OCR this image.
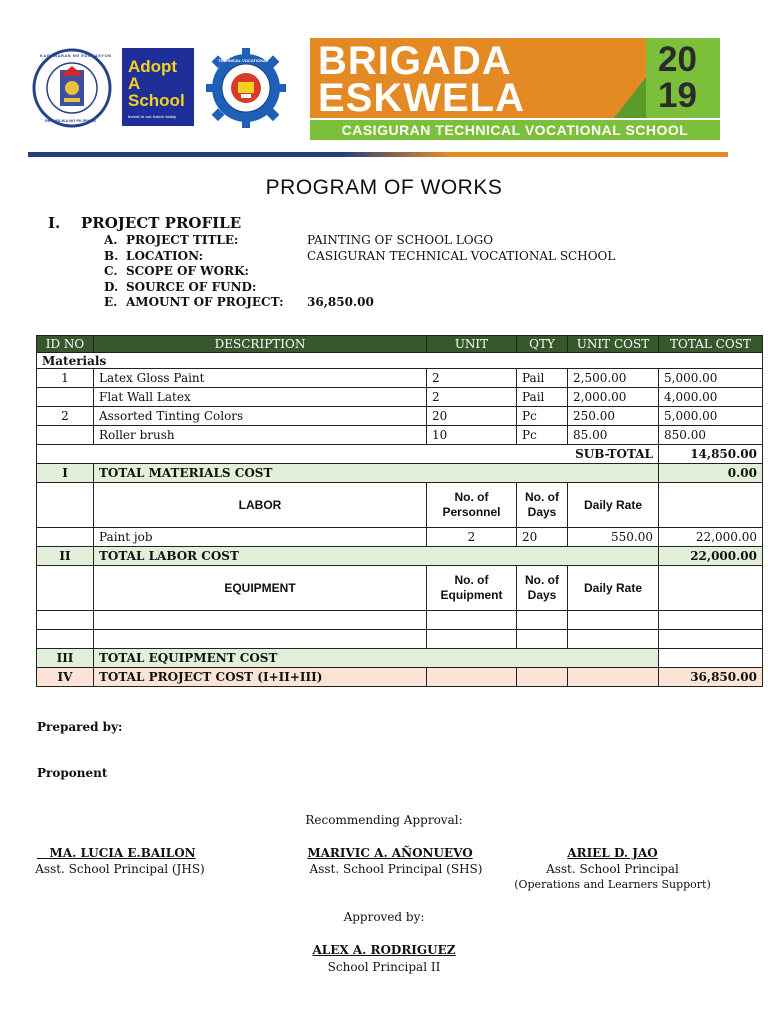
KAGAWARAN NG EDUKASYON
REPUBLIKA NG PILIPINAS
Adopt A
School
Invest in our future today
TECHNICAL VOCATIONAL BRIGADA
ESKWELA
20
19
CASIGURAN TECHNICAL VOCATIONAL SCHOOL
PROGRAM OF WORKS
I. PROJECT PROFILE
A. PROJECT TITLE:	PAINTING OF SCHOOL LOGO
B. LOCATION:	CASIGURAN TECHNICAL VOCATIONAL SCHOOL
C. SCOPE OF WORK:
D. SOURCE OF FUND:
E. AMOUNT OF PROJECT: 36,850.00
ID NO	DESCRIPTION	UNIT	QTY	UNIT COST	TOTAL COST
Materials					
1	Latex Gloss Paint	2	Pail	2,500.00	5,000.00
	Flat Wall Latex	2	Pail	2,000.00	4,000.00
2	Assorted Tinting Colors	20	Pc	250.00	5,000.00
	Roller brush	10	Pc	85.00	850.00
SUB-TOTAL					14,850.00
I	TOTAL MATERIALS COST				0.00
	LABOR	No. of Personnel	No. of Days	Daily Rate	
	Paint job	2	20	550.00	22,000.00
II	TOTAL LABOR COST				22,000.00
	EQUIPMENT	No. of Equipment	No. of Days	Daily Rate	

III	TOTAL EQUIPMENT COST				
IV	TOTAL PROJECT COST (I+II+III)				36,850.00
Prepared by:
Proponent
Recommending Approval:
MA. LUCIA E.BAILON
Asst. School Principal (JHS)
MARIVIC A. AÑONUEVO
Asst. School Principal (SHS)
ARIEL D. JAO
Asst. School Principal
(Operations and Learners Support)
Approved by:
ALEX A. RODRIGUEZ
School Principal II
